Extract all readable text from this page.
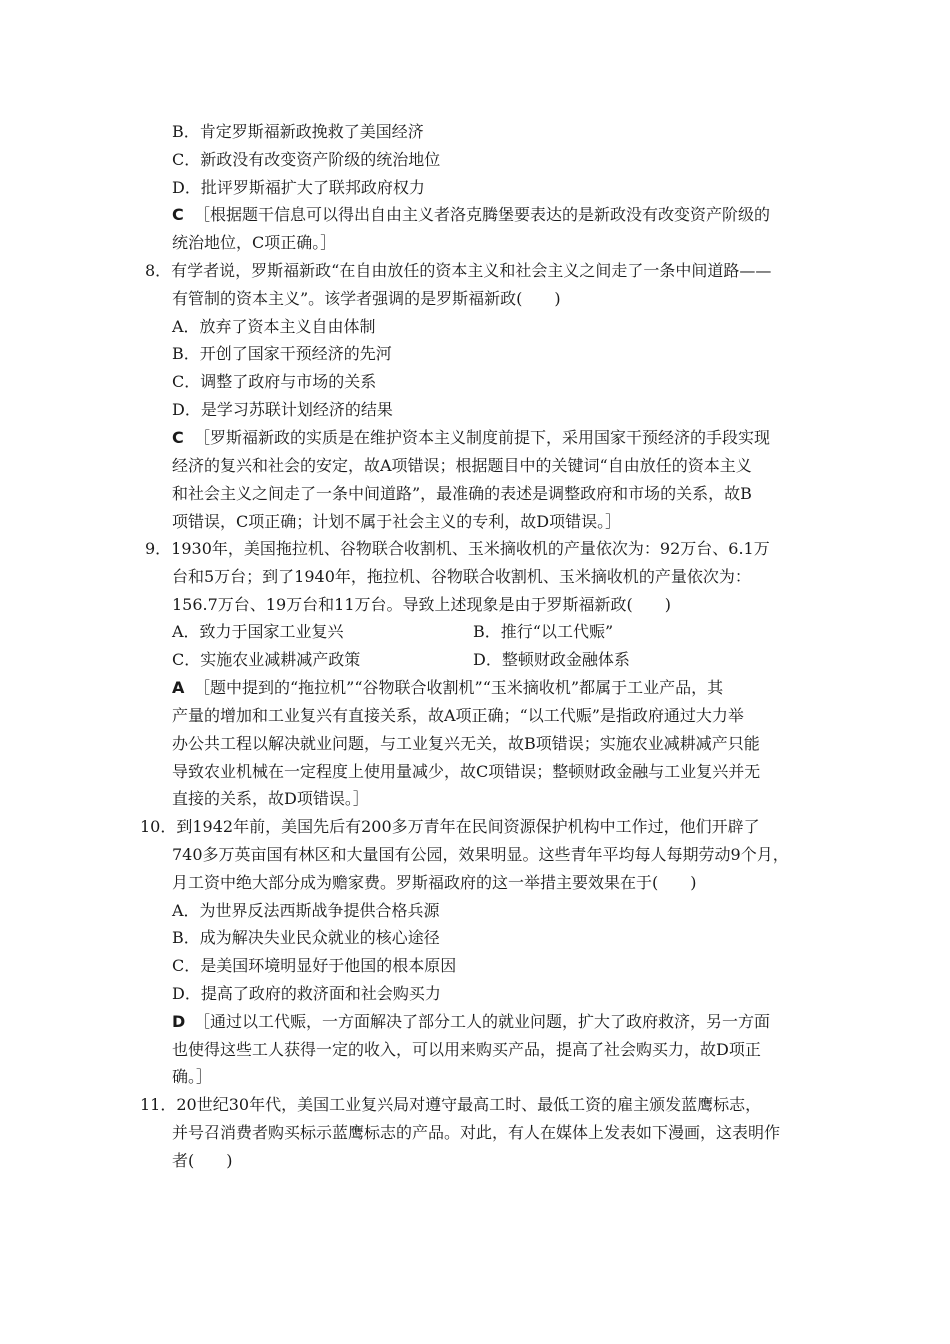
B．肯定罗斯福新政挽救了美国经济
C．新政没有改变资产阶级的统治地位
D．批评罗斯福扩大了联邦政府权力
C ［根据题干信息可以得出自由主义者洛克腾堡要表达的是新政没有改变资产阶级的
统治地位，C项正确。］
8．有学者说，罗斯福新政“在自由放任的资本主义和社会主义之间走了一条中间道路——
有管制的资本主义”。该学者强调的是罗斯福新政(　　)
A．放弃了资本主义自由体制
B．开创了国家干预经济的先河
C．调整了政府与市场的关系
D．是学习苏联计划经济的结果
C ［罗斯福新政的实质是在维护资本主义制度前提下，采用国家干预经济的手段实现
经济的复兴和社会的安定，故A项错误；根据题目中的关键词“自由放任的资本主义
和社会主义之间走了一条中间道路”，最准确的表述是调整政府和市场的关系，故B
项错误，C项正确；计划不属于社会主义的专利，故D项错误。］
9．1930年，美国拖拉机、谷物联合收割机、玉米摘收机的产量依次为：92万台、6.1万
台和5万台；到了1940年，拖拉机、谷物联合收割机、玉米摘收机的产量依次为：
156.7万台、19万台和11万台。导致上述现象是由于罗斯福新政(　　)
A．致力于国家工业复兴	B．推行“以工代赈”
C．实施农业减耕减产政策	D．整顿财政金融体系
A ［题中提到的“拖拉机”“谷物联合收割机”“玉米摘收机”都属于工业产品，其
产量的增加和工业复兴有直接关系，故A项正确；“以工代赈”是指政府通过大力举
办公共工程以解决就业问题，与工业复兴无关，故B项错误；实施农业减耕减产只能
导致农业机械在一定程度上使用量减少，故C项错误；整顿财政金融与工业复兴并无
直接的关系，故D项错误。］
10．到1942年前，美国先后有200多万青年在民间资源保护机构中工作过，他们开辟了
740多万英亩国有林区和大量国有公园，效果明显。这些青年平均每人每期劳动9个月，
月工资中绝大部分成为赡家费。罗斯福政府的这一举措主要效果在于(　　)
A．为世界反法西斯战争提供合格兵源
B．成为解决失业民众就业的核心途径
C．是美国环境明显好于他国的根本原因
D．提高了政府的救济面和社会购买力
D ［通过以工代赈，一方面解决了部分工人的就业问题，扩大了政府救济，另一方面
也使得这些工人获得一定的收入，可以用来购买产品，提高了社会购买力，故D项正
确。］
11．20世纪30年代，美国工业复兴局对遵守最高工时、最低工资的雇主颁发蓝鹰标志，
并号召消费者购买标示蓝鹰标志的产品。对此，有人在媒体上发表如下漫画，这表明作
者(　　)
